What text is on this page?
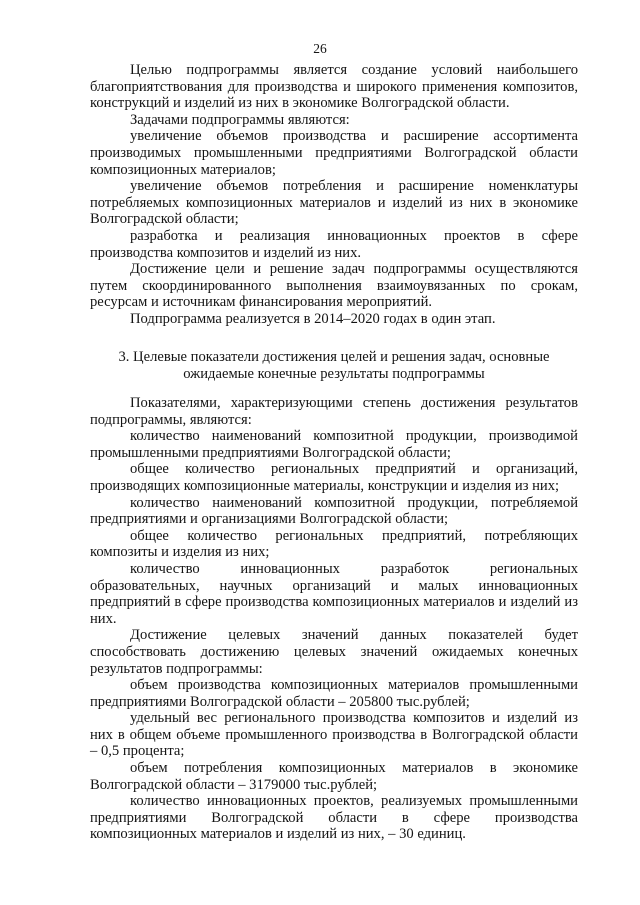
26

Целью подпрограммы является создание условий наибольшего благоприятствования для производства и широкого применения композитов, конструкций и изделий из них в экономике Волгоградской области.

Задачами подпрограммы являются:

увеличение объемов производства и расширение ассортимента производимых промышленными предприятиями Волгоградской области композиционных материалов;

увеличение объемов потребления и расширение номенклатуры потребляемых композиционных материалов и изделий из них в экономике Волгоградской области;

разработка и реализация инновационных проектов в сфере производства композитов и изделий из них.

Достижение цели и решение задач подпрограммы осуществляются путем скоординированного выполнения взаимоувязанных по срокам, ресурсам и источникам финансирования мероприятий.

Подпрограмма реализуется в 2014–2020 годах в один этап.

3. Целевые показатели достижения целей и решения задач, основные
ожидаемые конечные результаты подпрограммы

Показателями, характеризующими степень достижения результатов подпрограммы, являются:

количество наименований композитной продукции, производимой промышленными предприятиями Волгоградской области;

общее количество региональных предприятий и организаций, производящих композиционные материалы, конструкции и изделия из них;

количество наименований композитной продукции, потребляемой предприятиями и организациями Волгоградской области;

общее количество региональных предприятий, потребляющих композиты и изделия из них;

количество инновационных разработок региональных образовательных, научных организаций и малых инновационных предприятий в сфере производства композиционных материалов и изделий из них.

Достижение целевых значений данных показателей будет способствовать достижению целевых значений ожидаемых конечных результатов подпрограммы:

объем производства композиционных материалов промышленными предприятиями Волгоградской области – 205800 тыс.рублей;

удельный вес регионального производства композитов и изделий из них в общем объеме промышленного производства в Волгоградской области – 0,5 процента;

объем потребления композиционных материалов в экономике Волгоградской области – 3179000 тыс.рублей;

количество инновационных проектов, реализуемых промышленными предприятиями Волгоградской области в сфере производства композиционных материалов и изделий из них, – 30 единиц.
